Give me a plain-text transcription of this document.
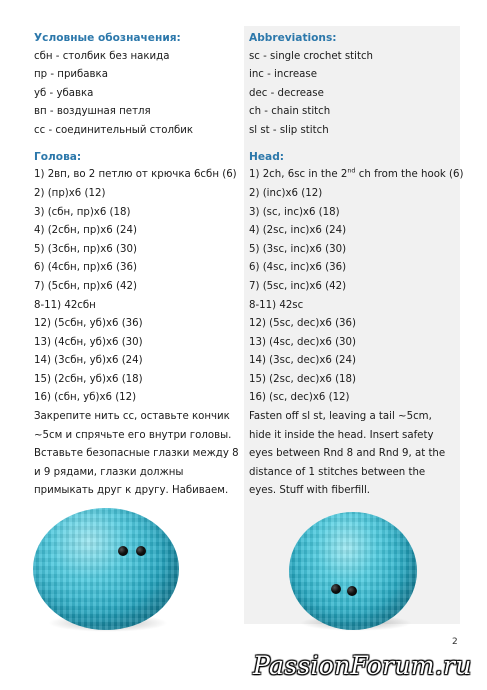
Условные обозначения:
сбн - столбик без накида
пр - прибавка
уб - убавка
вп - воздушная петля
сс - соединительный столбик
Голова:
1) 2вп, во 2 петлю от крючка 6сбн (6)
2) (пр)х6 (12)
3) (сбн, пр)х6 (18)
4) (2сбн, пр)х6 (24)
5) (3сбн, пр)х6 (30)
6) (4сбн, пр)х6 (36)
7) (5сбн, пр)х6 (42)
8-11) 42сбн
12) (5сбн, уб)х6 (36)
13) (4сбн, уб)х6 (30)
14) (3сбн, уб)х6 (24)
15) (2сбн, уб)х6 (18)
16) (сбн, уб)х6 (12)
Закрепите нить сс, оставьте кончик
~5см и спрячьте его внутри головы.
Вставьте безопасные глазки между 8
и 9 рядами, глазки должны
примыкать друг к другу. Набиваем.
Abbreviations:
sc - single crochet stitch
inc - increase
dec - decrease
ch - chain stitch
sl st - slip stitch
Head:
1) 2ch, 6sc in the 2nd ch from the hook (6)
2) (inc)x6 (12)
3) (sc, inc)x6 (18)
4) (2sc, inc)x6 (24)
5) (3sc, inc)x6 (30)
6) (4sc, inc)x6 (36)
7) (5sc, inc)x6 (42)
8-11) 42sc
12) (5sc, dec)x6 (36)
13) (4sc, dec)x6 (30)
14) (3sc, dec)x6 (24)
15) (2sc, dec)x6 (18)
16) (sc, dec)x6 (12)
Fasten off sl st, leaving a tail ~5cm,
hide it inside the head. Insert safety
eyes between Rnd 8 and Rnd 9, at the
distance of 1 stitches between the
eyes. Stuff with fiberfill.
2
PassionForum.ru
